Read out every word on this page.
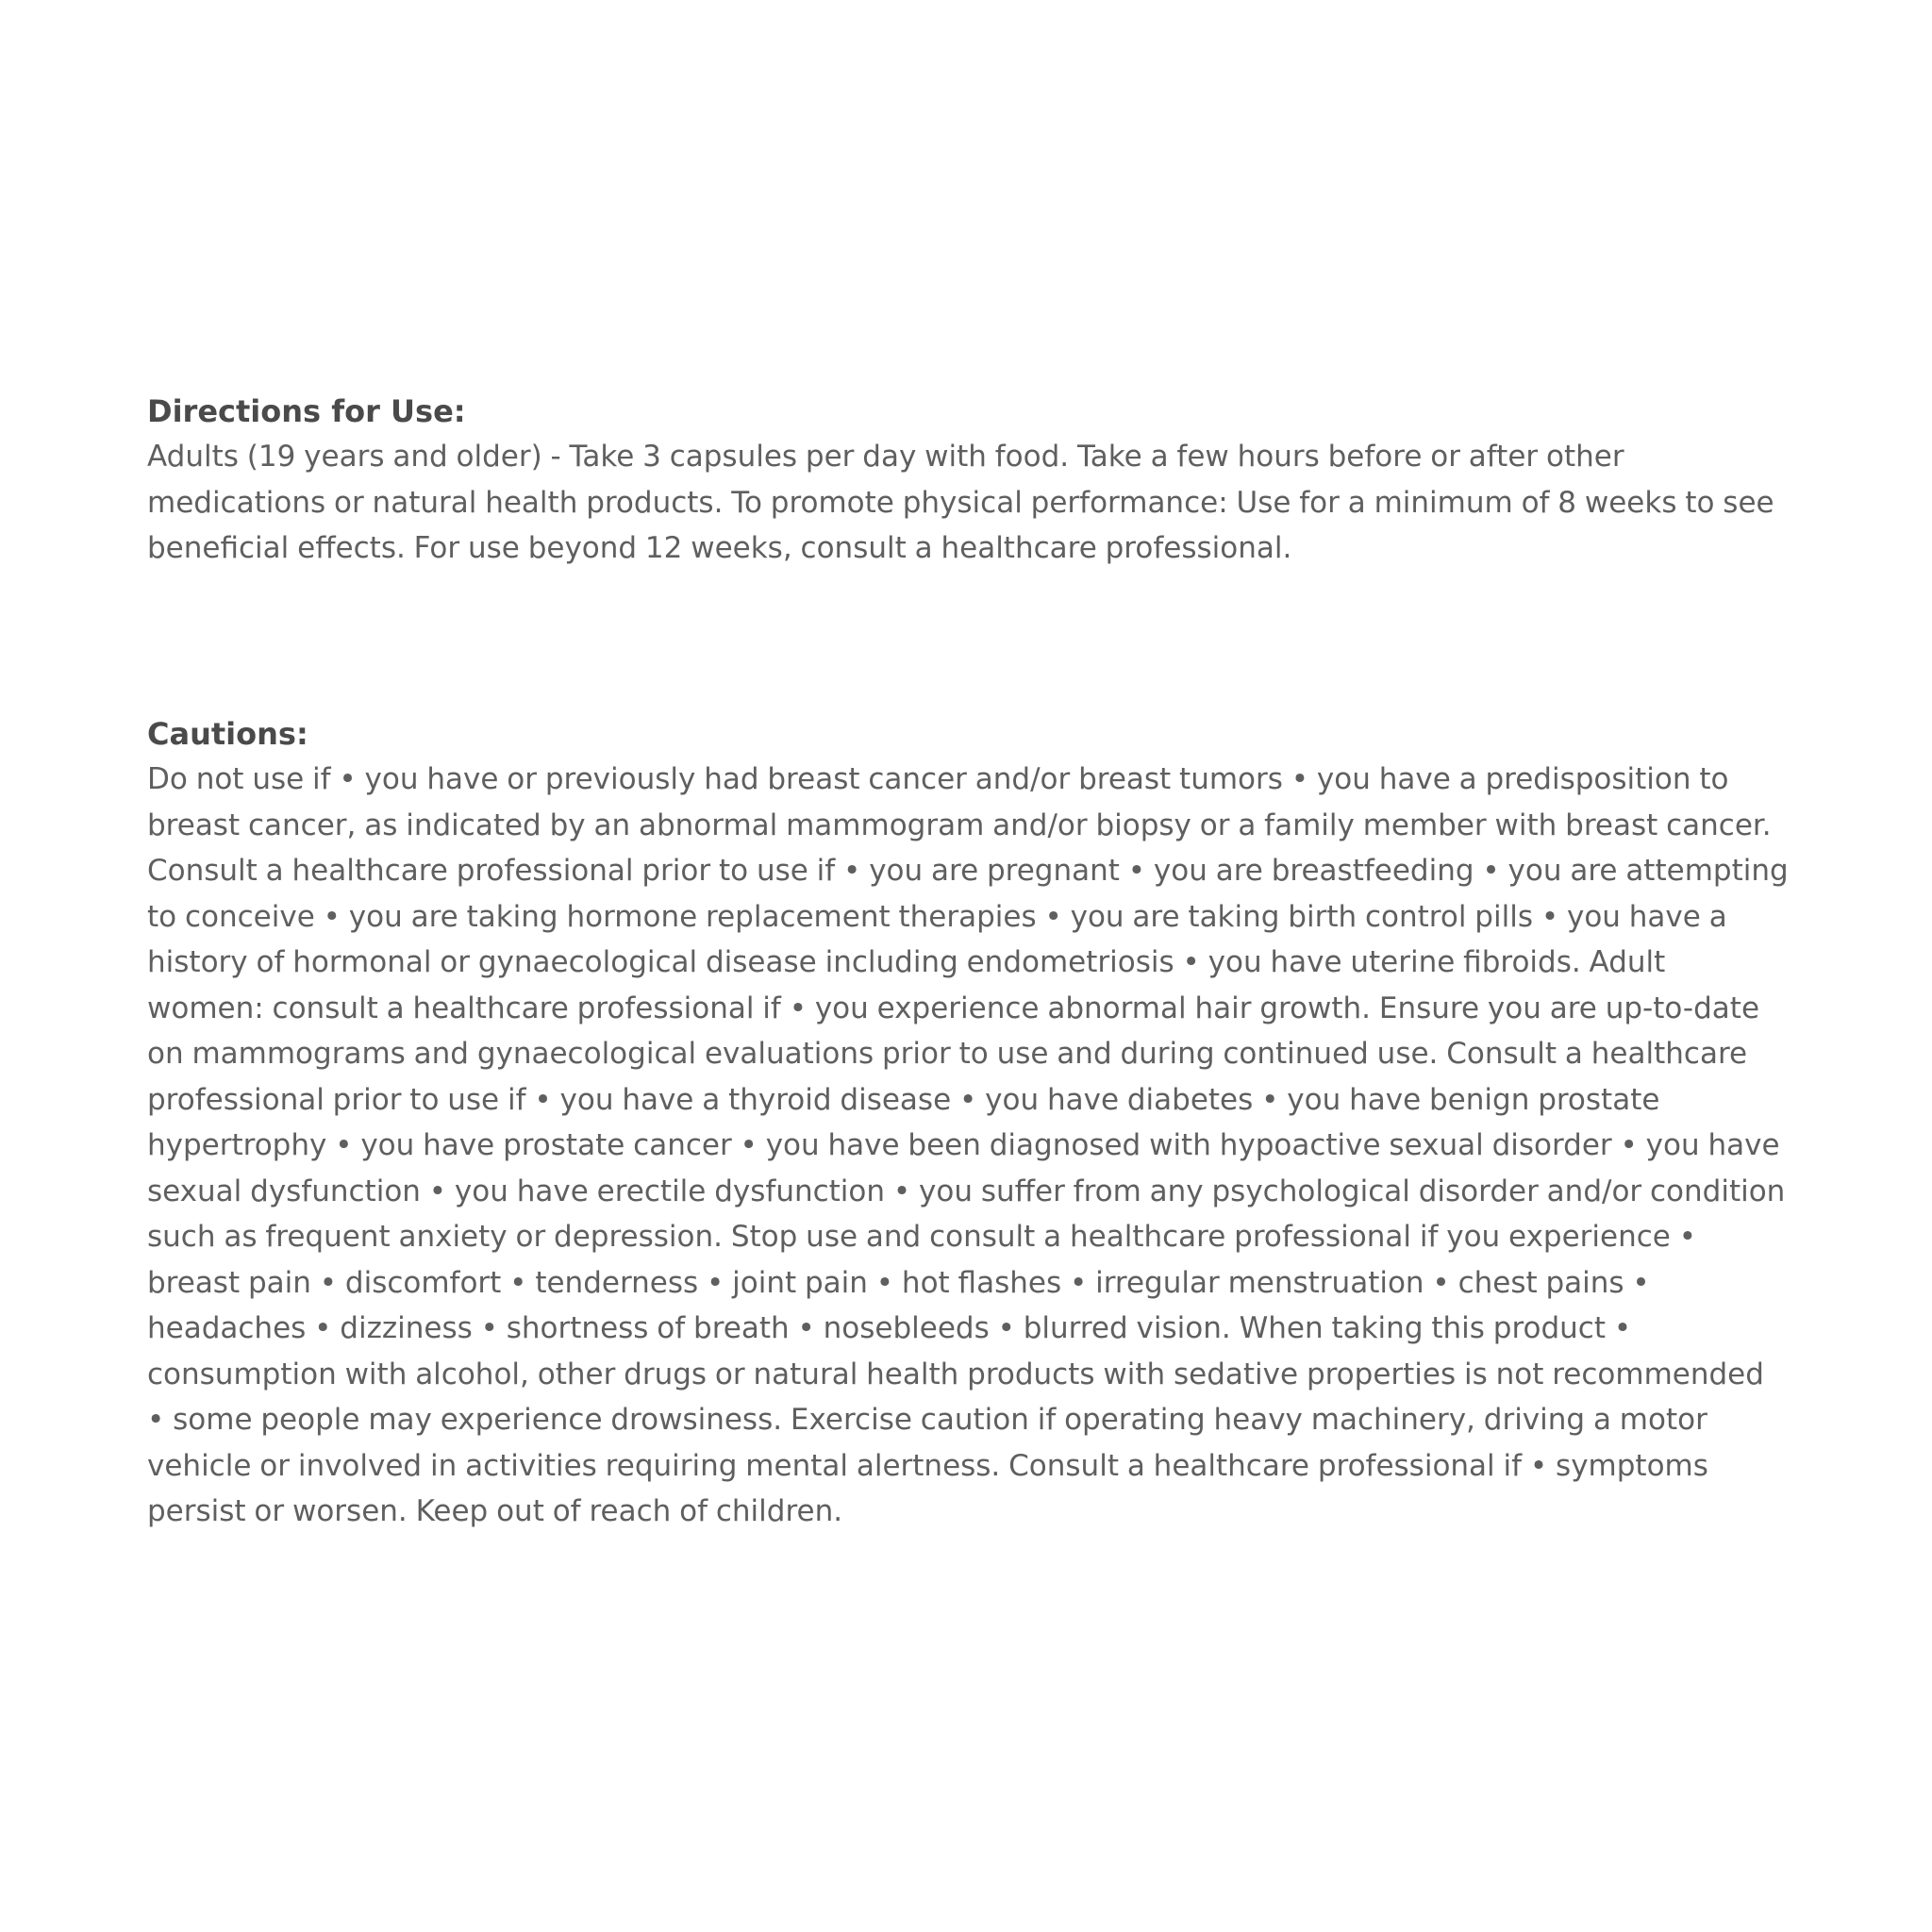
Directions for Use:

Adults (19 years and older) - Take 3 capsules per day with food. Take a few hours before or after other medications or natural health products. To promote physical performance: Use for a minimum of 8 weeks to see beneficial effects. For use beyond 12 weeks, consult a healthcare professional.

Cautions:

Do not use if • you have or previously had breast cancer and/or breast tumors • you have a predisposition to breast cancer, as indicated by an abnormal mammogram and/or biopsy or a family member with breast cancer. Consult a healthcare professional prior to use if • you are pregnant • you are breastfeeding • you are attempting to conceive • you are taking hormone replacement therapies • you are taking birth control pills • you have a history of hormonal or gynaecological disease including endometriosis • you have uterine fibroids. Adult women: consult a healthcare professional if • you experience abnormal hair growth. Ensure you are up-to-date on mammograms and gynaecological evaluations prior to use and during continued use. Consult a healthcare professional prior to use if • you have a thyroid disease • you have diabetes • you have benign prostate hypertrophy • you have prostate cancer • you have been diagnosed with hypoactive sexual disorder • you have sexual dysfunction • you have erectile dysfunction • you suffer from any psychological disorder and/or condition such as frequent anxiety or depression. Stop use and consult a healthcare professional if you experience • breast pain • discomfort • tenderness • joint pain • hot flashes • irregular menstruation • chest pains • headaches • dizziness • shortness of breath • nosebleeds • blurred vision. When taking this product • consumption with alcohol, other drugs or natural health products with sedative properties is not recommended • some people may experience drowsiness. Exercise caution if operating heavy machinery, driving a motor vehicle or involved in activities requiring mental alertness. Consult a healthcare professional if • symptoms persist or worsen. Keep out of reach of children.
